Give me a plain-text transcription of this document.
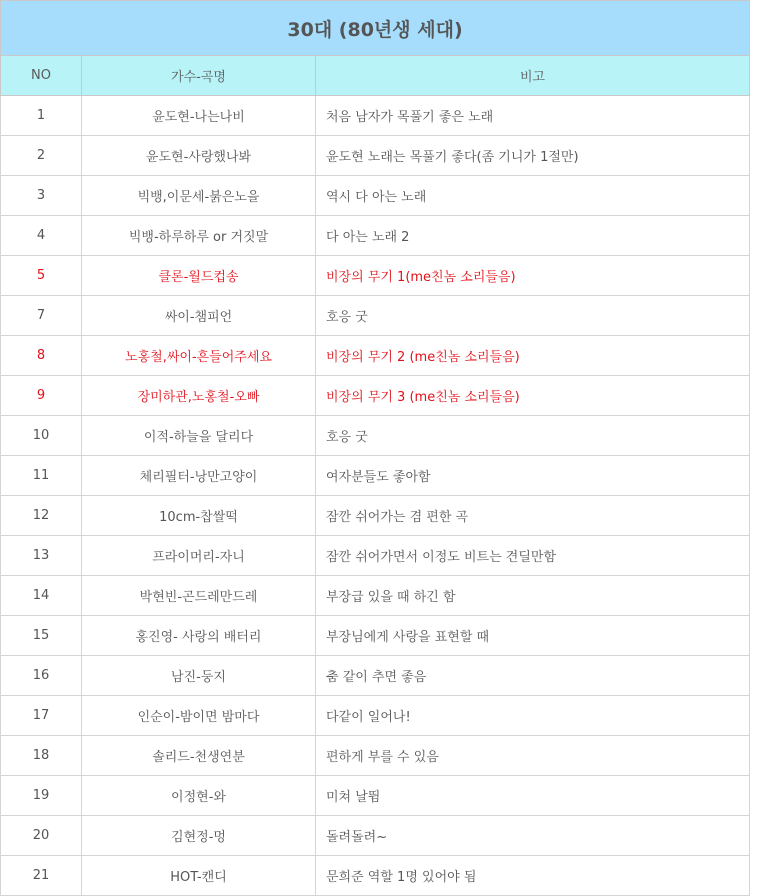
30대 (80년생 세대)		
NO	가수-곡명	비고
1	윤도현-나는나비	처음 남자가 목풀기 좋은 노래
2	윤도현-사랑했나봐	윤도현 노래는 목풀기 좋다(좀 기니가 1절만)
3	빅뱅,이문세-붉은노을	역시 다 아는 노래
4	빅뱅-하루하루 or 거짓말	다 아는 노래 2
5	클론-월드컵송	비장의 무기 1(me친놈 소리들음)
7	싸이-챔피언	호응 굿
8	노홍철,싸이-흔들어주세요	비장의 무기 2 (me친놈 소리들음)
9	장미하관,노홍철-오빠	비장의 무기 3 (me친놈 소리들음)
10	이적-하늘을 달리다	호응 굿
11	체리필터-낭만고양이	여자분들도 좋아함
12	10cm-찹쌀떡	잠깐 쉬어가는 겸 편한 곡
13	프라이머리-자니	잠깐 쉬어가면서 이정도 비트는 견딜만함
14	박현빈-곤드레만드레	부장급 있을 때 하긴 함
15	홍진영- 사랑의 배터리	부장님에게 사랑을 표현할 때
16	남진-둥지	춤 같이 추면 좋음
17	인순이-밤이면 밤마다	다같이 일어나!
18	솔리드-천생연분	편하게 부를 수 있음
19	이정현-와	미쳐 날뜀
20	김현정-멍	돌려돌려~
21	HOT-캔디	문희준 역할 1명 있어야 됨
